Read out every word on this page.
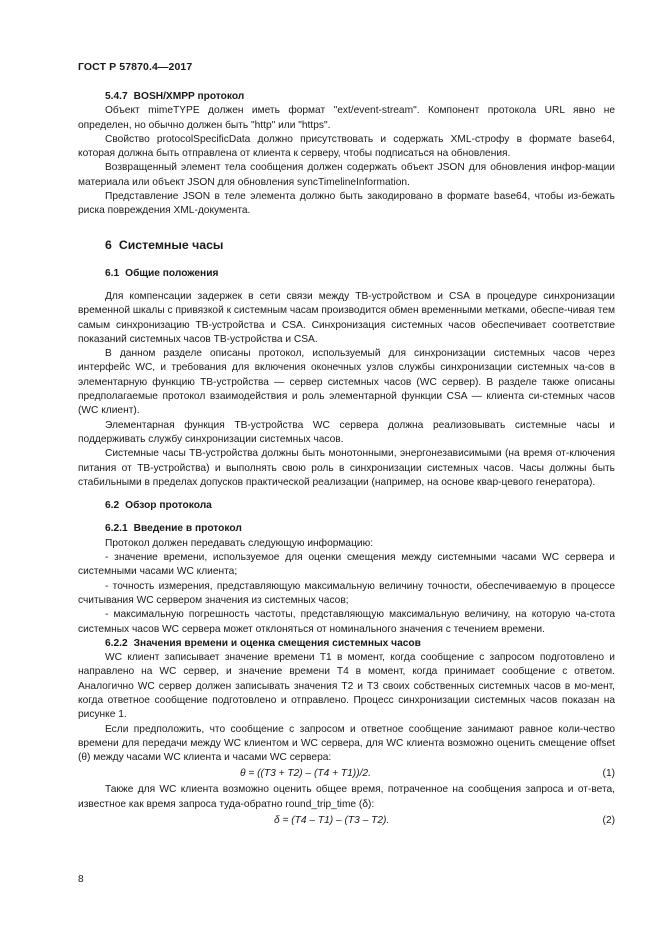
ГОСТ Р 57870.4—2017
5.4.7 BOSH/XMPP протокол

Объект mimeTYPE должен иметь формат "ext/event-stream". Компонент протокола URL явно не определен, но обычно должен быть "http" или "https".

Свойство protocolSpecificData должно присутствовать и содержать XML-строфу в формате base64, которая должна быть отправлена от клиента к серверу, чтобы подписаться на обновления.

Возвращенный элемент тела сообщения должен содержать объект JSON для обновления инфор-мации материала или объект JSON для обновления syncTimelineInformation.

Представление JSON в теле элемента должно быть закодировано в формате base64, чтобы из-бежать риска повреждения XML-документа.

6 Системные часы
6.1 Общие положения

Для компенсации задержек в сети связи между ТВ-устройством и CSA в процедуре синхронизации временной шкалы с привязкой к системным часам производится обмен временными метками, обеспе-чивая тем самым синхронизацию ТВ-устройства и CSA. Синхронизация системных часов обеспечивает соответствие показаний системных часов ТВ-устройства и CSA.

В данном разделе описаны протокол, используемый для синхронизации системных часов через интерфейс WC, и требования для включения оконечных узлов службы синхронизации системных ча-сов в элементарную функцию ТВ-устройства — сервер системных часов (WC сервер). В разделе также описаны предполагаемые протокол взаимодействия и роль элементарной функции CSA — клиента си-стемных часов (WC клиент).

Элементарная функция ТВ-устройства WC сервера должна реализовывать системные часы и поддерживать службу синхронизации системных часов.

Системные часы ТВ-устройства должны быть монотонными, энергонезависимыми (на время от-ключения питания от ТВ-устройства) и выполнять свою роль в синхронизации системных часов. Часы должны быть стабильными в пределах допусков практической реализации (например, на основе квар-цевого генератора).

6.2 Обзор протокола
6.2.1 Введение в протокол

Протокол должен передавать следующую информацию:

- значение времени, используемое для оценки смещения между системными часами WC сервера и системными часами WC клиента;

- точность измерения, представляющую максимальную величину точности, обеспечиваемую в процессе считывания WC сервером значения из системных часов;

- максимальную погрешность частоты, представляющую максимальную величину, на которую ча-стота системных часов WC сервера может отклоняться от номинального значения с течением времени.

6.2.2 Значения времени и оценка смещения системных часов

WC клиент записывает значение времени Т1 в момент, когда сообщение с запросом подготовлено и направлено на WC сервер, и значение времени Т4 в момент, когда принимает сообщение с ответом. Аналогично WC сервер должен записывать значения Т2 и Т3 своих собственных системных часов в мо-мент, когда ответное сообщение подготовлено и отправлено. Процесс синхронизации системных часов показан на рисунке 1.

Если предположить, что сообщение с запросом и ответное сообщение занимают равное коли-чество времени для передачи между WC клиентом и WC сервера, для WC клиента возможно оценить смещение offset (θ) между часами WC клиента и часами WC сервера:

θ = ((T3 + T2) – (T4 + T1))/2.	(1)

Также для WC клиента возможно оценить общее время, потраченное на сообщения запроса и от-вета, известное как время запроса туда-обратно round_trip_time (δ):

δ = (T4 – T1) – (T3 – T2).	(2)
8
